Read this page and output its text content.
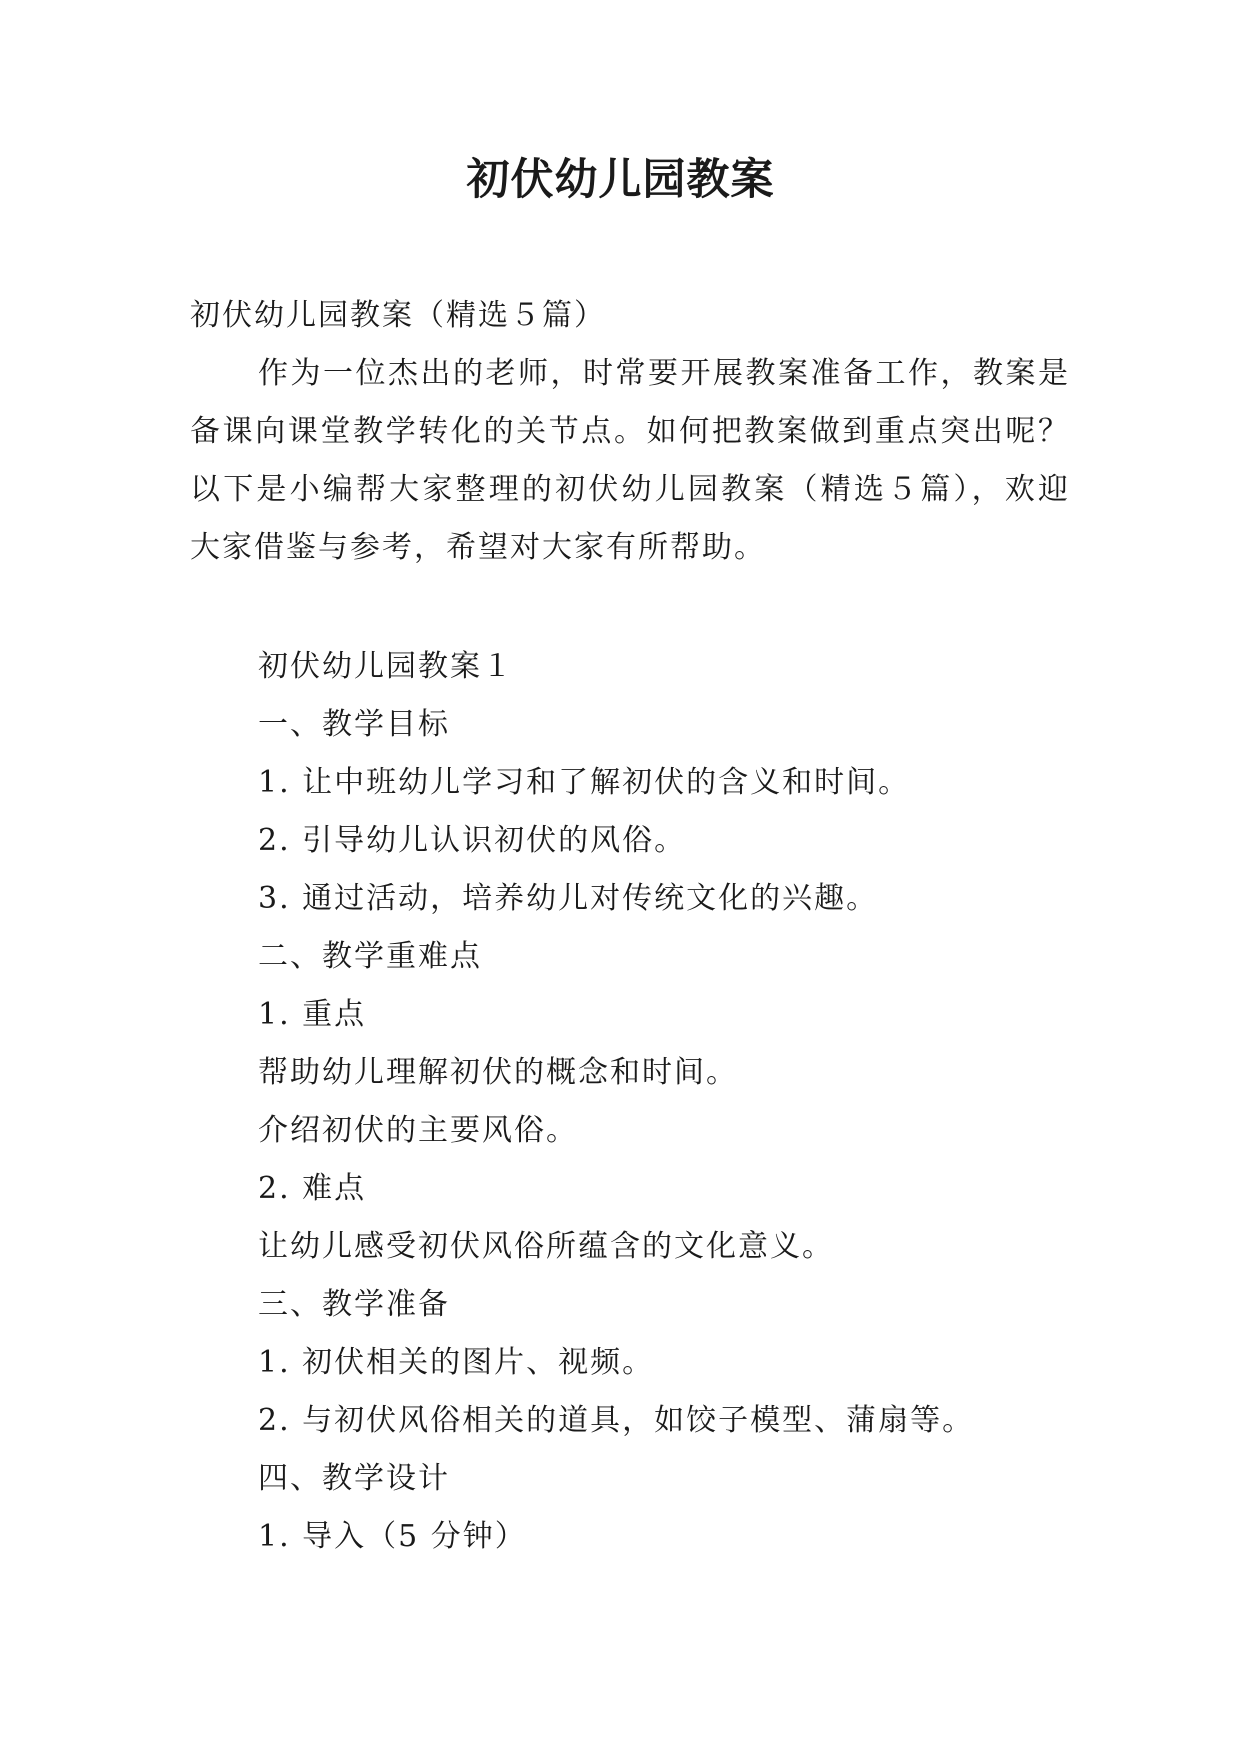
初伏幼儿园教案

初伏幼儿园教案（精选５篇）

作为一位杰出的老师，时常要开展教案准备工作，教案是备课向课堂教学转化的关节点。如何把教案做到重点突出呢？以下是小编帮大家整理的初伏幼儿园教案（精选５篇），欢迎大家借鉴与参考，希望对大家有所帮助。

初伏幼儿园教案１
一、教学目标
1. 让中班幼儿学习和了解初伏的含义和时间。
2. 引导幼儿认识初伏的风俗。
3. 通过活动，培养幼儿对传统文化的兴趣。
二、教学重难点
1. 重点
帮助幼儿理解初伏的概念和时间。
介绍初伏的主要风俗。
2. 难点
让幼儿感受初伏风俗所蕴含的文化意义。
三、教学准备
1. 初伏相关的图片、视频。
2. 与初伏风俗相关的道具，如饺子模型、蒲扇等。
四、教学设计
1. 导入（5 分钟）
